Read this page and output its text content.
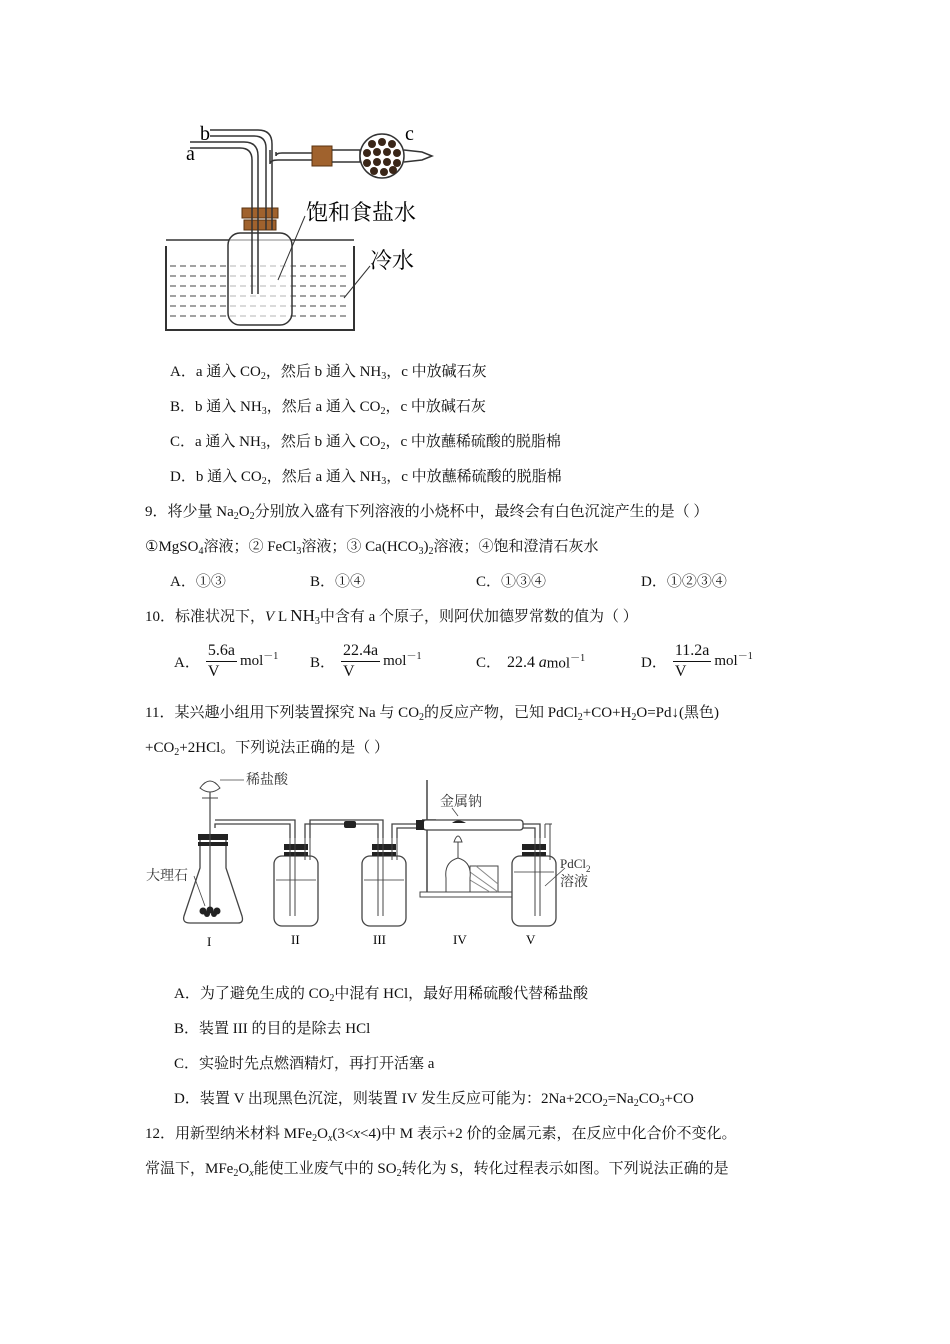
a
b	c
饱和食盐水
冷水
A．a 通入 $CO_2$，然后 b 通入 $NH_3$，c 中放碱石灰
B．b 通入 $NH_3$，然后 a 通入 $CO_2$，c 中放碱石灰
C．a 通入 $NH_3$，然后 b 通入 $CO_2$，c 中放蘸稀硫酸的脱脂棉
D．b 通入 $CO_2$，然后 a 通入 $NH_3$，c 中放蘸稀硫酸的脱脂棉
9．将少量 $Na_2O_2$分别放入盛有下列溶液的小烧杯中，最终会有白色沉淀产生的是（ ）
①MgSO$_4$溶液；② FeCl$_3$溶液；③ $Ca(HCO_3)_2$溶液；④饱和澄清石灰水
A．①③	B．①④	C．①③④	D．①②③④
10．标准状况下，V L $NH_3$中含有 a 个原子，则阿伏加德罗常数的值为（ ）
A． $\frac{5.6a}{V} mol^{-1}$ B． $\frac{22.4a}{V} mol^{-1}$	C． 22.4 amol$^{-1}$	D． $\frac{11.2a}{V} mol^{-1}$
11．某兴趣小组用下列装置探究 Na 与 $CO_2$的反应产物，已知 $PdCl_2+CO+H_2O=Pd↓$(黑色)
$+CO_2+2HCl$。下列说法正确的是（ ）
稀盐酸
大理石
金属钠
PdCl$_2$
溶液
I	II	III	IV	V
A．为了避免生成的 $CO_2$中混有 HCl，最好用稀硫酸代替稀盐酸
B．装置 III 的目的是除去 HCl
C．实验时先点燃酒精灯，再打开活塞 a
D．装置 V 出现黑色沉淀，则装置 IV 发生反应可能为：$2Na+2CO_2=Na_2CO_3+CO$
12．用新型纳米材料 $MFe_2O_x(3<x<4)$中 M 表示+2 价的金属元素，在反应中化合价不变化。
常温下，$MFe_2O_x$能使工业废气中的 $SO_2$转化为 S，转化过程表示如图。下列说法正确的是
